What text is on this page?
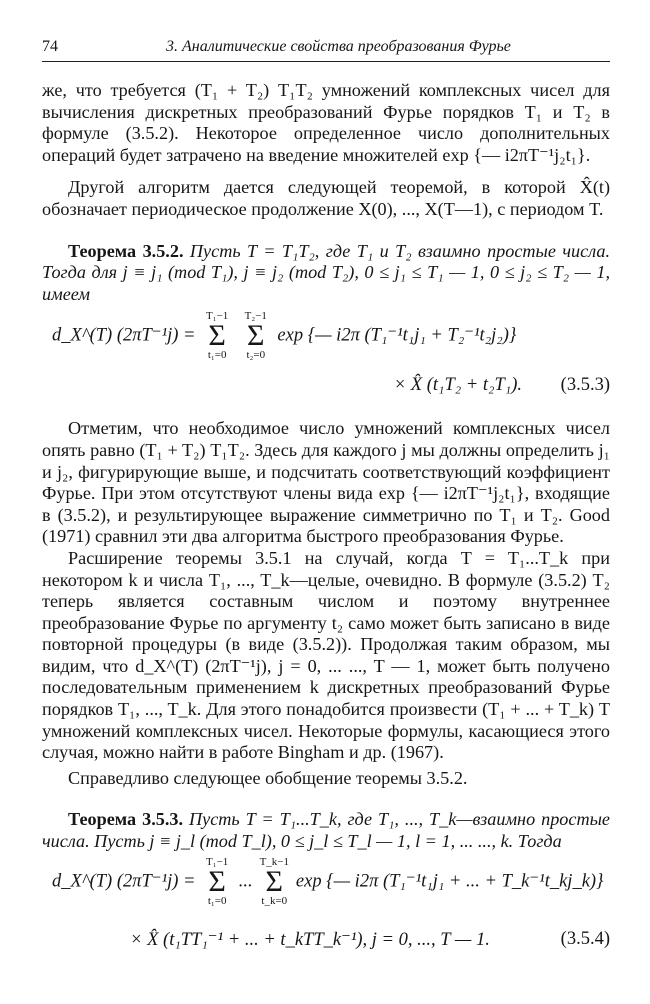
74	3. Аналитические свойства преобразования Фурье

же, что требуется (T₁ + T₂) T₁T₂ умножений комплексных чисел для вычисления дискретных преобразований Фурье порядков T₁ и T₂ в формуле (3.5.2). Некоторое определенное число дополнительных операций будет затрачено на введение множителей exp {— i2πT⁻¹j₂t₁}.

Другой алгоритм дается следующей теоремой, в которой X̂(t) обозначает периодическое продолжение X(0), ..., X(T—1), с периодом T.

Теорема 3.5.2. Пусть T = T₁T₂, где T₁ и T₂ взаимно простые числа. Тогда для j ≡ j₁ (mod T₁), j ≡ j₂ (mod T₂), 0 ≤ j₁ ≤ T₁ — 1, 0 ≤ j₂ ≤ T₂ — 1, имеем

d_X^(T) (2πT⁻¹j) =
T₁−1
Σ
t₁=0

T₂−1
Σ
t₂=0
exp {— i2π (T₁⁻¹t₁j₁ + T₂⁻¹t₂j₂)}
× X̂ (t₁T₂ + t₂T₁). (3.5.3)

Отметим, что необходимое число умножений комплексных чисел опять равно (T₁ + T₂) T₁T₂. Здесь для каждого j мы должны определить j₁ и j₂, фигурирующие выше, и подсчитать соответствующий коэффициент Фурье. При этом отсутствуют члены вида exp {— i2πT⁻¹j₂t₁}, входящие в (3.5.2), и результирующее выражение симметрично по T₁ и T₂. Good (1971) сравнил эти два алгоритма быстрого преобразования Фурье.

Расширение теоремы 3.5.1 на случай, когда T = T₁...T_k при некотором k и числа T₁, ..., T_k—целые, очевидно. В формуле (3.5.2) T₂ теперь является составным числом и поэтому внутреннее преобразование Фурье по аргументу t₂ само может быть записано в виде повторной процедуры (в виде (3.5.2)). Продолжая таким образом, мы видим, что d_X^(T) (2πT⁻¹j), j = 0, ... ..., T — 1, может быть получено последовательным применением k дискретных преобразований Фурье порядков T₁, ..., T_k. Для этого понадобится произвести (T₁ + ... + T_k) T умножений комплексных чисел. Некоторые формулы, касающиеся этого случая, можно найти в работе Bingham и др. (1967).

Справедливо следующее обобщение теоремы 3.5.2.

Теорема 3.5.3. Пусть T = T₁...T_k, где T₁, ..., T_k—взаимно простые числа. Пусть j ≡ j_l (mod T_l), 0 ≤ j_l ≤ T_l — 1, l = 1, ... ..., k. Тогда

d_X^(T) (2πT⁻¹j) =
T₁−1
Σ
t₁=0
...
T_k−1
Σ
t_k=0
exp {— i2π (T₁⁻¹t₁j₁ + ... + T_k⁻¹t_kj_k)}
× X̂ (t₁TT₁⁻¹ + ... + t_kTT_k⁻¹), j = 0, ..., T — 1.	(3.5.4)
